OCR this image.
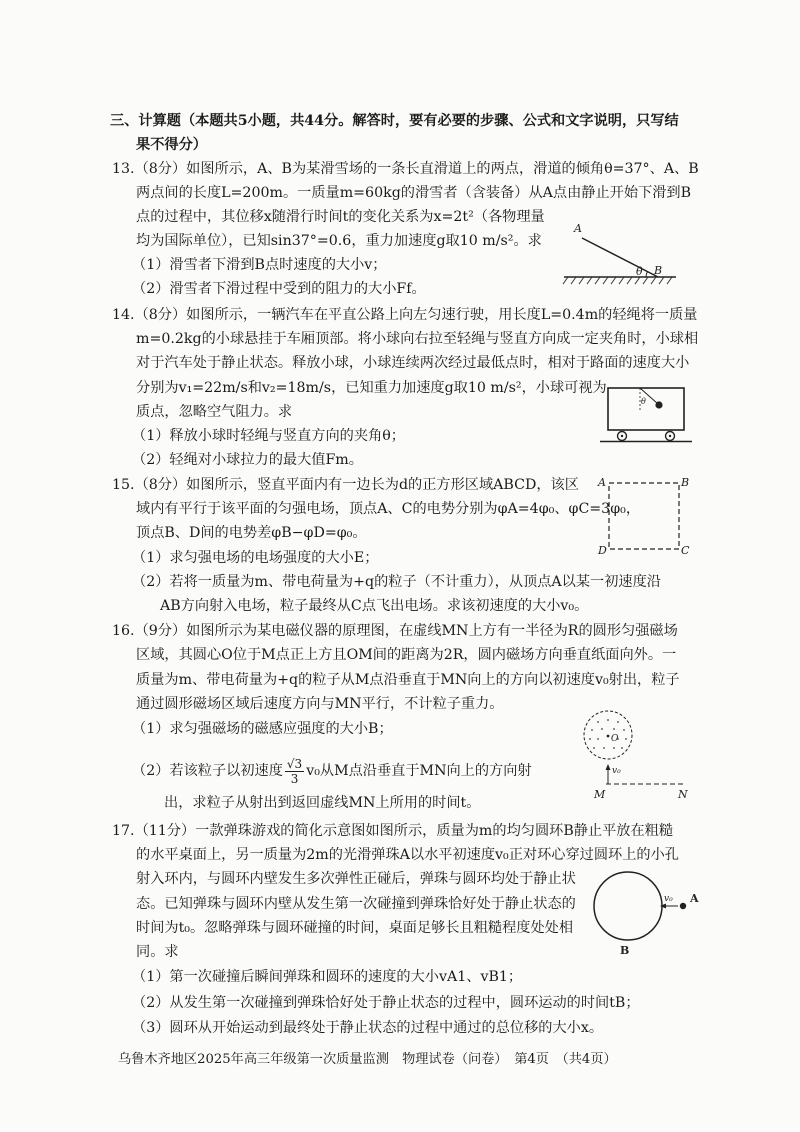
三、计算题（本题共5小题，共44分。解答时，要有必要的步骤、公式和文字说明，只写结
果不得分）
13.（8分）如图所示，A、B为某滑雪场的一条长直滑道上的两点，滑道的倾角θ=37°、A、B
两点间的长度L=200m。一质量m=60kg的滑雪者（含装备）从A点由静止开始下滑到B
点的过程中，其位移x随滑行时间t的变化关系为x=2t²（各物理量
均为国际单位），已知sin37°=0.6，重力加速度g取10 m/s²。求
（1）滑雪者下滑到B点时速度的大小v；
（2）滑雪者下滑过程中受到的阻力的大小Ff。
A
θ B
14.（8分）如图所示，一辆汽车在平直公路上向左匀速行驶，用长度L=0.4m的轻绳将一质量
m=0.2kg的小球悬挂于车厢顶部。将小球向右拉至轻绳与竖直方向成一定夹角时，小球相
对于汽车处于静止状态。释放小球，小球连续两次经过最低点时，相对于路面的速度大小
分别为v₁=22m/s和v₂=18m/s，已知重力加速度g取10 m/s²，小球可视为
质点，忽略空气阻力。求
（1）释放小球时轻绳与竖直方向的夹角θ；
（2）轻绳对小球拉力的最大值Fm。
θ
15.（8分）如图所示，竖直平面内有一边长为d的正方形区域ABCD，该区
域内有平行于该平面的匀强电场，顶点A、C的电势分别为φA=4φ₀、φC=3φ₀，
顶点B、D间的电势差φB−φD=φ₀。
（1）求匀强电场的电场强度的大小E；
（2）若将一质量为m、带电荷量为+q的粒子（不计重力），从顶点A以某一初速度沿
AB方向射入电场，粒子最终从C点飞出电场。求该初速度的大小v₀。
A	B
D	C
16.（9分）如图所示为某电磁仪器的原理图，在虚线MN上方有一半径为R的圆形匀强磁场
区域，其圆心O位于M点正上方且OM间的距离为2R，圆内磁场方向垂直纸面向外。一
质量为m、带电荷量为+q的粒子从M点沿垂直于MN向上的方向以初速度v₀射出，粒子
通过圆形磁场区域后速度方向与MN平行，不计粒子重力。
（1）求匀强磁场的磁感应强度的大小B；
（2）若该粒子以初速度 $\frac{√3}{3} v_0$从M点沿垂直于MN向上的方向射
出，求粒子从射出到返回虚线MN上所用的时间t。
O
v₀
M	N
17.（11分）一款弹珠游戏的简化示意图如图所示，质量为m的均匀圆环B静止平放在粗糙
的水平桌面上，另一质量为2m的光滑弹珠A以水平初速度v₀正对环心穿过圆环上的小孔
射入环内，与圆环内壁发生多次弹性正碰后，弹珠与圆环均处于静止状
态。已知弹珠与圆环内壁从发生第一次碰撞到弹珠恰好处于静止状态的
时间为t₀。忽略弹珠与圆环碰撞的时间，桌面足够长且粗糙程度处处相
同。求
（1）第一次碰撞后瞬间弹珠和圆环的速度的大小vA1、vB1；
（2）从发生第一次碰撞到弹珠恰好处于静止状态的过程中，圆环运动的时间tB；
（3）圆环从开始运动到最终处于静止状态的过程中通过的总位移的大小x。
v₀ A
B
乌鲁木齐地区2025年高三年级第一次质量监测　物理试卷（问卷）　第4页　（共4页）
